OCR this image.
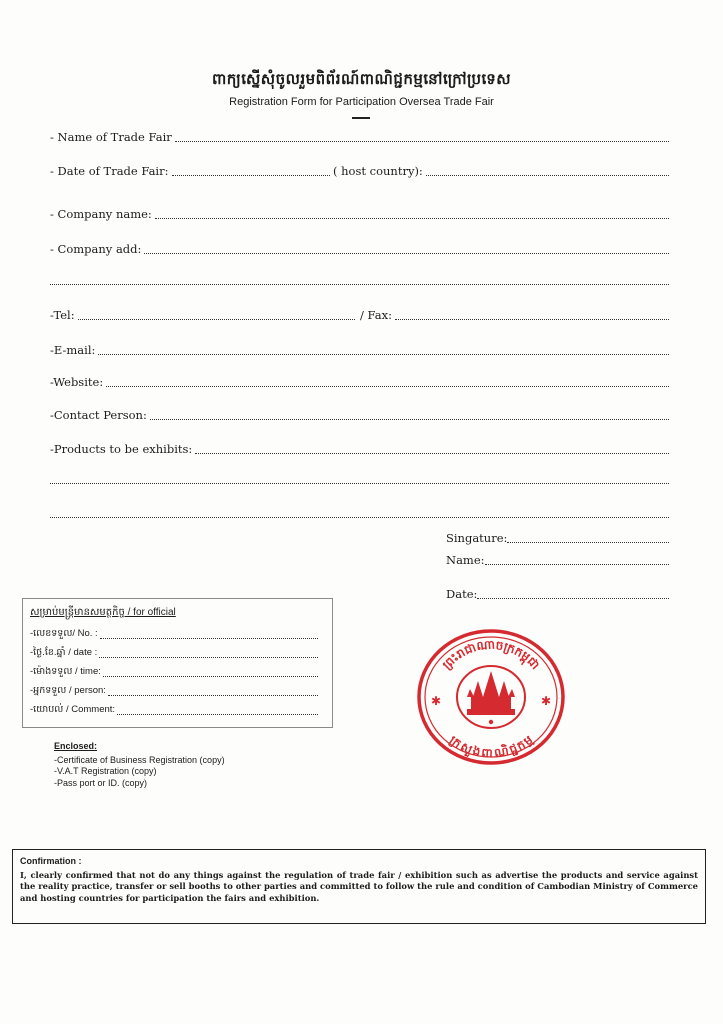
ពាក្យស្នើសុំចូលរួមពិព័រណ៍ពាណិជ្ជកម្មនៅក្រៅប្រទេស
Registration Form for Participation Oversea Trade Fair
- Name of Trade Fair
- Date of Trade Fair:	( host country):
- Company name:
- Company add:
-Tel:	/ Fax:
-E-mail:
-Website:
-Contact Person:
-Products to be exhibits:
Singature:
Name:
Date:
សម្រាប់មន្ត្រីមានសមត្ថកិច្ច / for official
-លេខទទួល/ No. :
-ថ្ងៃ.ខែ.ឆ្នាំ / date :
-ម៉ោងទទួល / time:
-អ្នកទទួល / person:
-យោបល់ / Comment:
ព្រះរាជាណាចក្រកម្ពុជា
ក្រសួងពាណិជ្ជកម្ម
✱	✱
Enclosed:
-Certificate of Business Registration (copy)
-V.A.T Registration (copy)
-Pass port or ID. (copy)
Confirmation :
I, clearly confirmed that not do any things against the regulation of trade fair / exhibition such as advertise the products and service against the reality practice, transfer or sell booths to other parties and committed to follow the rule and condition of Cambodian Ministry of Commerce and hosting countries for participation the fairs and exhibition.
